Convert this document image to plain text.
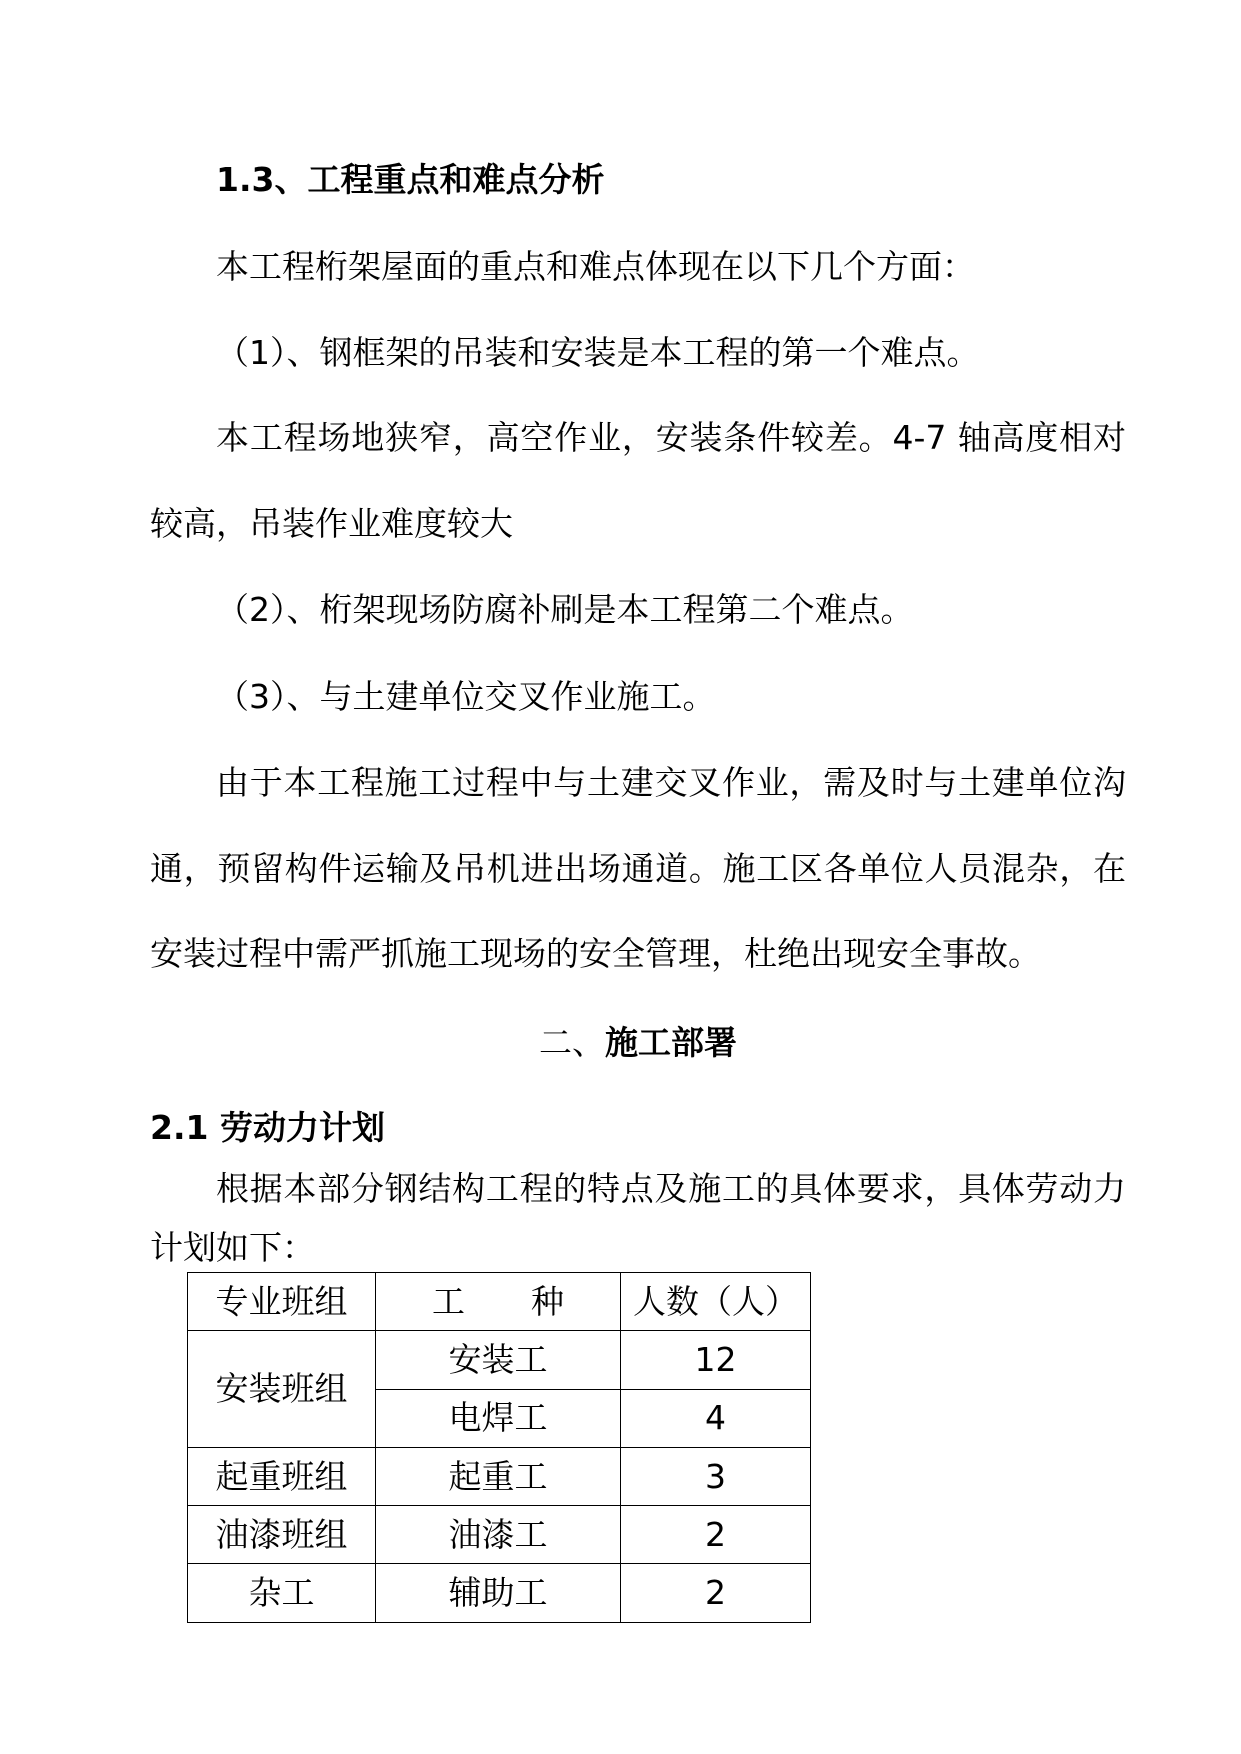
1.3、工程重点和难点分析
本工程桁架屋面的重点和难点体现在以下几个方面：
（1）、钢框架的吊装和安装是本工程的第一个难点。
本工程场地狭窄，高空作业，安装条件较差。4-7 轴高度相对
较高，吊装作业难度较大
（2）、桁架现场防腐补刷是本工程第二个难点。
（3）、与土建单位交叉作业施工。
由于本工程施工过程中与土建交叉作业，需及时与土建单位沟
通，预留构件运输及吊机进出场通道。施工区各单位人员混杂，在
安装过程中需严抓施工现场的安全管理，杜绝出现安全事故。
二、施工部署
2.1 劳动力计划
根据本部分钢结构工程的特点及施工的具体要求，具体劳动力
计划如下：
专业班组	工　　种	人数（人）
安装班组	安装工	12
	电焊工	4
起重班组	起重工	3
油漆班组	油漆工	2
杂工	辅助工	2
